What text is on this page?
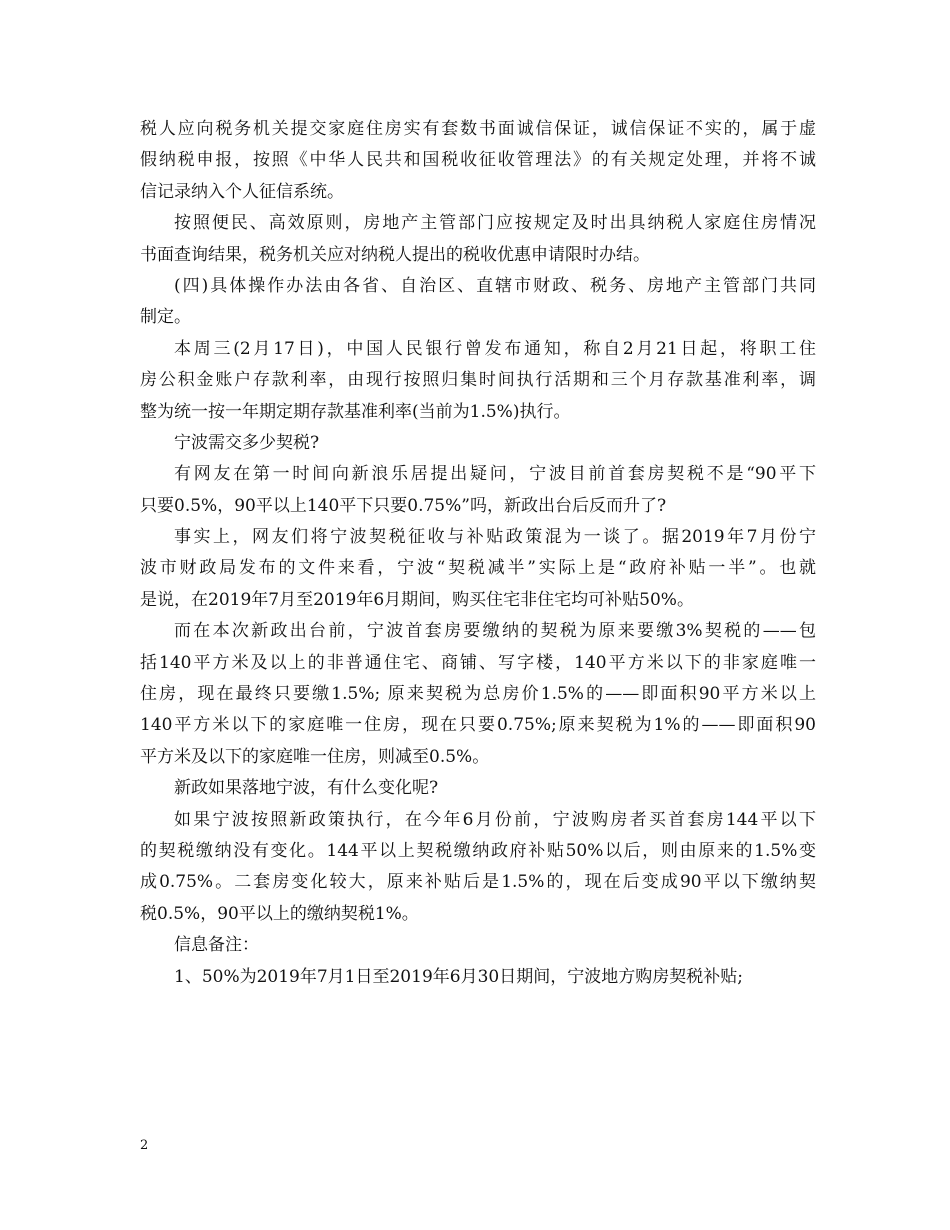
税人应向税务机关提交家庭住房实有套数书面诚信保证，诚信保证不实的，属于虚
假纳税申报，按照《中华人民共和国税收征收管理法》的有关规定处理，并将不诚
信记录纳入个人征信系统。
按照便民、高效原则，房地产主管部门应按规定及时出具纳税人家庭住房情况
书面查询结果，税务机关应对纳税人提出的税收优惠申请限时办结。
(四)具体操作办法由各省、自治区、直辖市财政、税务、房地产主管部门共同
制定。
本周三(2月17日)，中国人民银行曾发布通知，称自2月21日起，将职工住
房公积金账户存款利率，由现行按照归集时间执行活期和三个月存款基准利率，调
整为统一按一年期定期存款基准利率(当前为1.5%)执行。
宁波需交多少契税?
有网友在第一时间向新浪乐居提出疑问，宁波目前首套房契税不是“90平下
只要0.5%，90平以上140平下只要0.75%”吗，新政出台后反而升了?
事实上，网友们将宁波契税征收与补贴政策混为一谈了。据2019年7月份宁
波市财政局发布的文件来看，宁波“契税减半”实际上是“政府补贴一半”。也就
是说，在2019年7月至2019年6月期间，购买住宅非住宅均可补贴50%。
而在本次新政出台前，宁波首套房要缴纳的契税为原来要缴3%契税的——包
括140平方米及以上的非普通住宅、商铺、写字楼，140平方米以下的非家庭唯一
住房，现在最终只要缴1.5%; 原来契税为总房价1.5%的——即面积90平方米以上
140平方米以下的家庭唯一住房，现在只要0.75%;原来契税为1%的——即面积90
平方米及以下的家庭唯一住房，则减至0.5%。
新政如果落地宁波，有什么变化呢?
如果宁波按照新政策执行，在今年6月份前，宁波购房者买首套房144平以下
的契税缴纳没有变化。144平以上契税缴纳政府补贴50%以后，则由原来的1.5%变
成0.75%。二套房变化较大，原来补贴后是1.5%的，现在后变成90平以下缴纳契
税0.5%，90平以上的缴纳契税1%。
信息备注：
1、50%为2019年7月1日至2019年6月30日期间，宁波地方购房契税补贴;
2
